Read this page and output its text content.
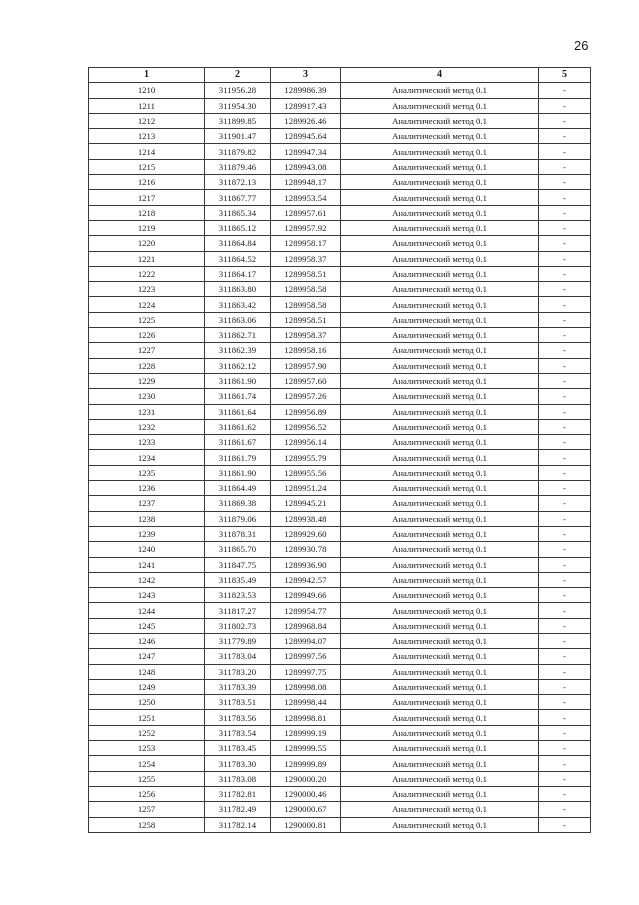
26
1	2	3	4	5
1210	311956.28	1289986.39	Аналитический метод 0.1	-
1211	311954.30	1289917.43	Аналитический метод 0.1	-
1212	311899.85	1289926.46	Аналитический метод 0.1	-
1213	311901.47	1289945.64	Аналитический метод 0.1	-
1214	311879.82	1289947.34	Аналитический метод 0.1	-
1215	311879.46	1289943.08	Аналитический метод 0.1	-
1216	311872.13	1289948.17	Аналитический метод 0.1	-
1217	311867.77	1289953.54	Аналитический метод 0.1	-
1218	311865.34	1289957.61	Аналитический метод 0.1	-
1219	311865.12	1289957.92	Аналитический метод 0.1	-
1220	311864.84	1289958.17	Аналитический метод 0.1	-
1221	311864.52	1289958.37	Аналитический метод 0.1	-
1222	311864.17	1289958.51	Аналитический метод 0.1	-
1223	311863.80	1289958.58	Аналитический метод 0.1	-
1224	311863.42	1289958.58	Аналитический метод 0.1	-
1225	311863.06	1289958.51	Аналитический метод 0.1	-
1226	311862.71	1289958.37	Аналитический метод 0.1	-
1227	311862.39	1289958.16	Аналитический метод 0.1	-
1228	311862.12	1289957.90	Аналитический метод 0.1	-
1229	311861.90	1289957.60	Аналитический метод 0.1	-
1230	311861.74	1289957.26	Аналитический метод 0.1	-
1231	311861.64	1289956.89	Аналитический метод 0.1	-
1232	311861.62	1289956.52	Аналитический метод 0.1	-
1233	311861.67	1289956.14	Аналитический метод 0.1	-
1234	311861.79	1289955.79	Аналитический метод 0.1	-
1235	311861.90	1289955.56	Аналитический метод 0.1	-
1236	311864.49	1289951.24	Аналитический метод 0.1	-
1237	311869.38	1289945.21	Аналитический метод 0.1	-
1238	311879.06	1289938.48	Аналитический метод 0.1	-
1239	311878.31	1289929.60	Аналитический метод 0.1	-
1240	311865.70	1289930.78	Аналитический метод 0.1	-
1241	311847.75	1289936.90	Аналитический метод 0.1	-
1242	311835.49	1289942.57	Аналитический метод 0.1	-
1243	311823.53	1289949.66	Аналитический метод 0.1	-
1244	311817.27	1289954.77	Аналитический метод 0.1	-
1245	311802.73	1289968.84	Аналитический метод 0.1	-
1246	311779.89	1289994.07	Аналитический метод 0.1	-
1247	311783.04	1289997.56	Аналитический метод 0.1	-
1248	311783.20	1289997.75	Аналитический метод 0.1	-
1249	311783.39	1289998.08	Аналитический метод 0.1	-
1250	311783.51	1289998.44	Аналитический метод 0.1	-
1251	311783.56	1289998.81	Аналитический метод 0.1	-
1252	311783.54	1289999.19	Аналитический метод 0.1	-
1253	311783.45	1289999.55	Аналитический метод 0.1	-
1254	311783.30	1289999.89	Аналитический метод 0.1	-
1255	311783.08	1290000.20	Аналитический метод 0.1	-
1256	311782.81	1290000.46	Аналитический метод 0.1	-
1257	311782.49	1290000.67	Аналитический метод 0.1	-
1258	311782.14	1290000.81	Аналитический метод 0.1	-
